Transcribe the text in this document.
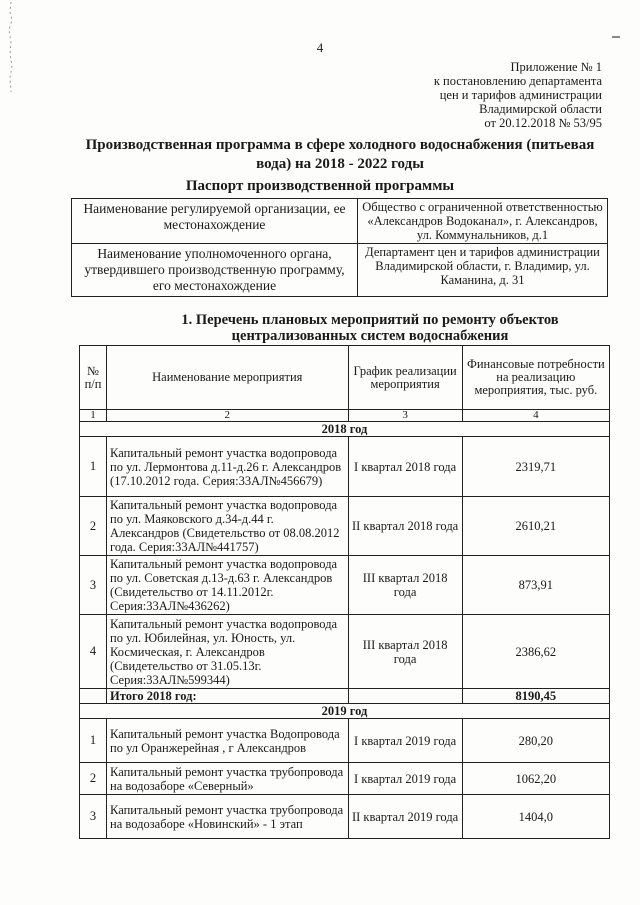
4
Приложение № 1
к постановлению департамента
цен и тарифов администрации
Владимирской области
от 20.12.2018 № 53/95
Производственная программа в сфере холодного водоснабжения (питьевая
вода) на 2018 - 2022 годы
Паспорт производственной программы
Наименование регулируемой организации, ее местонахождение	Общество с ограниченной ответственностью «Александров Водоканал», г. Александров, ул. Коммунальников, д.1
Наименование уполномоченного органа, утвердившего производственную программу, его местонахождение	Департамент цен и тарифов администрации Владимирской области, г. Владимир, ул. Каманина, д. 31
1. Перечень плановых мероприятий по ремонту объектов
централизованных систем водоснабжения
№ п/п	Наименование мероприятия	График реализации мероприятия	Финансовые потребности на реализацию мероприятия, тыс. руб.
1	2	3	4
2018 год			
1	Капитальный ремонт участка водопровода по ул. Лермонтова д.11-д.26 г. Александров (17.10.2012 года. Серия:33АЛ№456679)	I квартал 2018 года	2319,71
2	Капитальный ремонт участка водопровода по ул. Маяковского д.34-д.44 г. Александров (Свидетельство от 08.08.2012 года. Серия:33АЛ№441757)	II квартал 2018 года	2610,21
3	Капитальный ремонт участка водопровода по ул. Советская д.13-д.63 г. Александров (Свидетельство от 14.11.2012г. Серия:33АЛ№436262)	III квартал 2018 года	873,91
4	Капитальный ремонт участка водопровода по ул. Юбилейная, ул. Юность, ул. Космическая, г. Александров (Свидетельство от 31.05.13г. Серия:33АЛ№599344)	III квартал 2018 года	2386,62
	Итого 2018 год:		8190,45
2019 год			
1	Капитальный ремонт участка Водопровода по ул Оранжерейная , г Александров	I квартал 2019 года	280,20
2	Капитальный ремонт участка трубопровода на водозаборе «Северный»	I квартал 2019 года	1062,20
3	Капитальный ремонт участка трубопровода на водозаборе «Новинский» - 1 этап	II квартал 2019 года	1404,0
